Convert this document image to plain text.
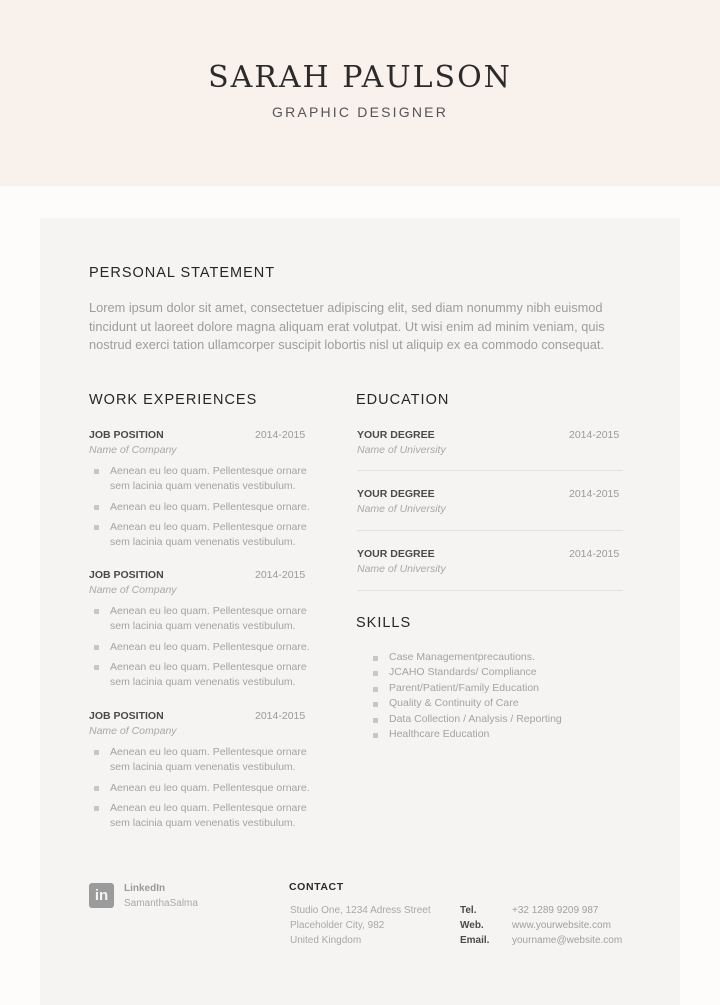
SARAH PAULSON
GRAPHIC DESIGNER
PERSONAL STATEMENT
Lorem ipsum dolor sit amet, consectetuer adipiscing elit, sed diam nonummy nibh euismod
tincidunt ut laoreet dolore magna aliquam erat volutpat. Ut wisi enim ad minim veniam, quis
nostrud exerci tation ullamcorper suscipit lobortis nisl ut aliquip ex ea commodo consequat.
WORK EXPERIENCES
JOB POSITION	2014-2015
Name of Company
Aenean eu leo quam. Pellentesque ornare
sem lacinia quam venenatis vestibulum.
Aenean eu leo quam. Pellentesque ornare.
Aenean eu leo quam. Pellentesque ornare
sem lacinia quam venenatis vestibulum.
JOB POSITION	2014-2015
Name of Company
Aenean eu leo quam. Pellentesque ornare
sem lacinia quam venenatis vestibulum.
Aenean eu leo quam. Pellentesque ornare.
Aenean eu leo quam. Pellentesque ornare
sem lacinia quam venenatis vestibulum.
JOB POSITION	2014-2015
Name of Company
Aenean eu leo quam. Pellentesque ornare
sem lacinia quam venenatis vestibulum.
Aenean eu leo quam. Pellentesque ornare.
Aenean eu leo quam. Pellentesque ornare
sem lacinia quam venenatis vestibulum.
EDUCATION
YOUR DEGREE	2014-2015
Name of University
YOUR DEGREE	2014-2015
Name of University
YOUR DEGREE	2014-2015
Name of University
SKILLS
Case Managementprecautions.
JCAHO Standards/ Compliance
Parent/Patient/Family Education
Quality & Continuity of Care
Data Collection / Analysis / Reporting
Healthcare Education
in	LinkedIn
SamanthaSalma
CONTACT
Studio One, 1234 Adress Street
Placeholder City, 982
United Kingdom
Tel.	+32 1289 9209 987
Web.	www.yourwebsite.com
Email. yourname@website.com
